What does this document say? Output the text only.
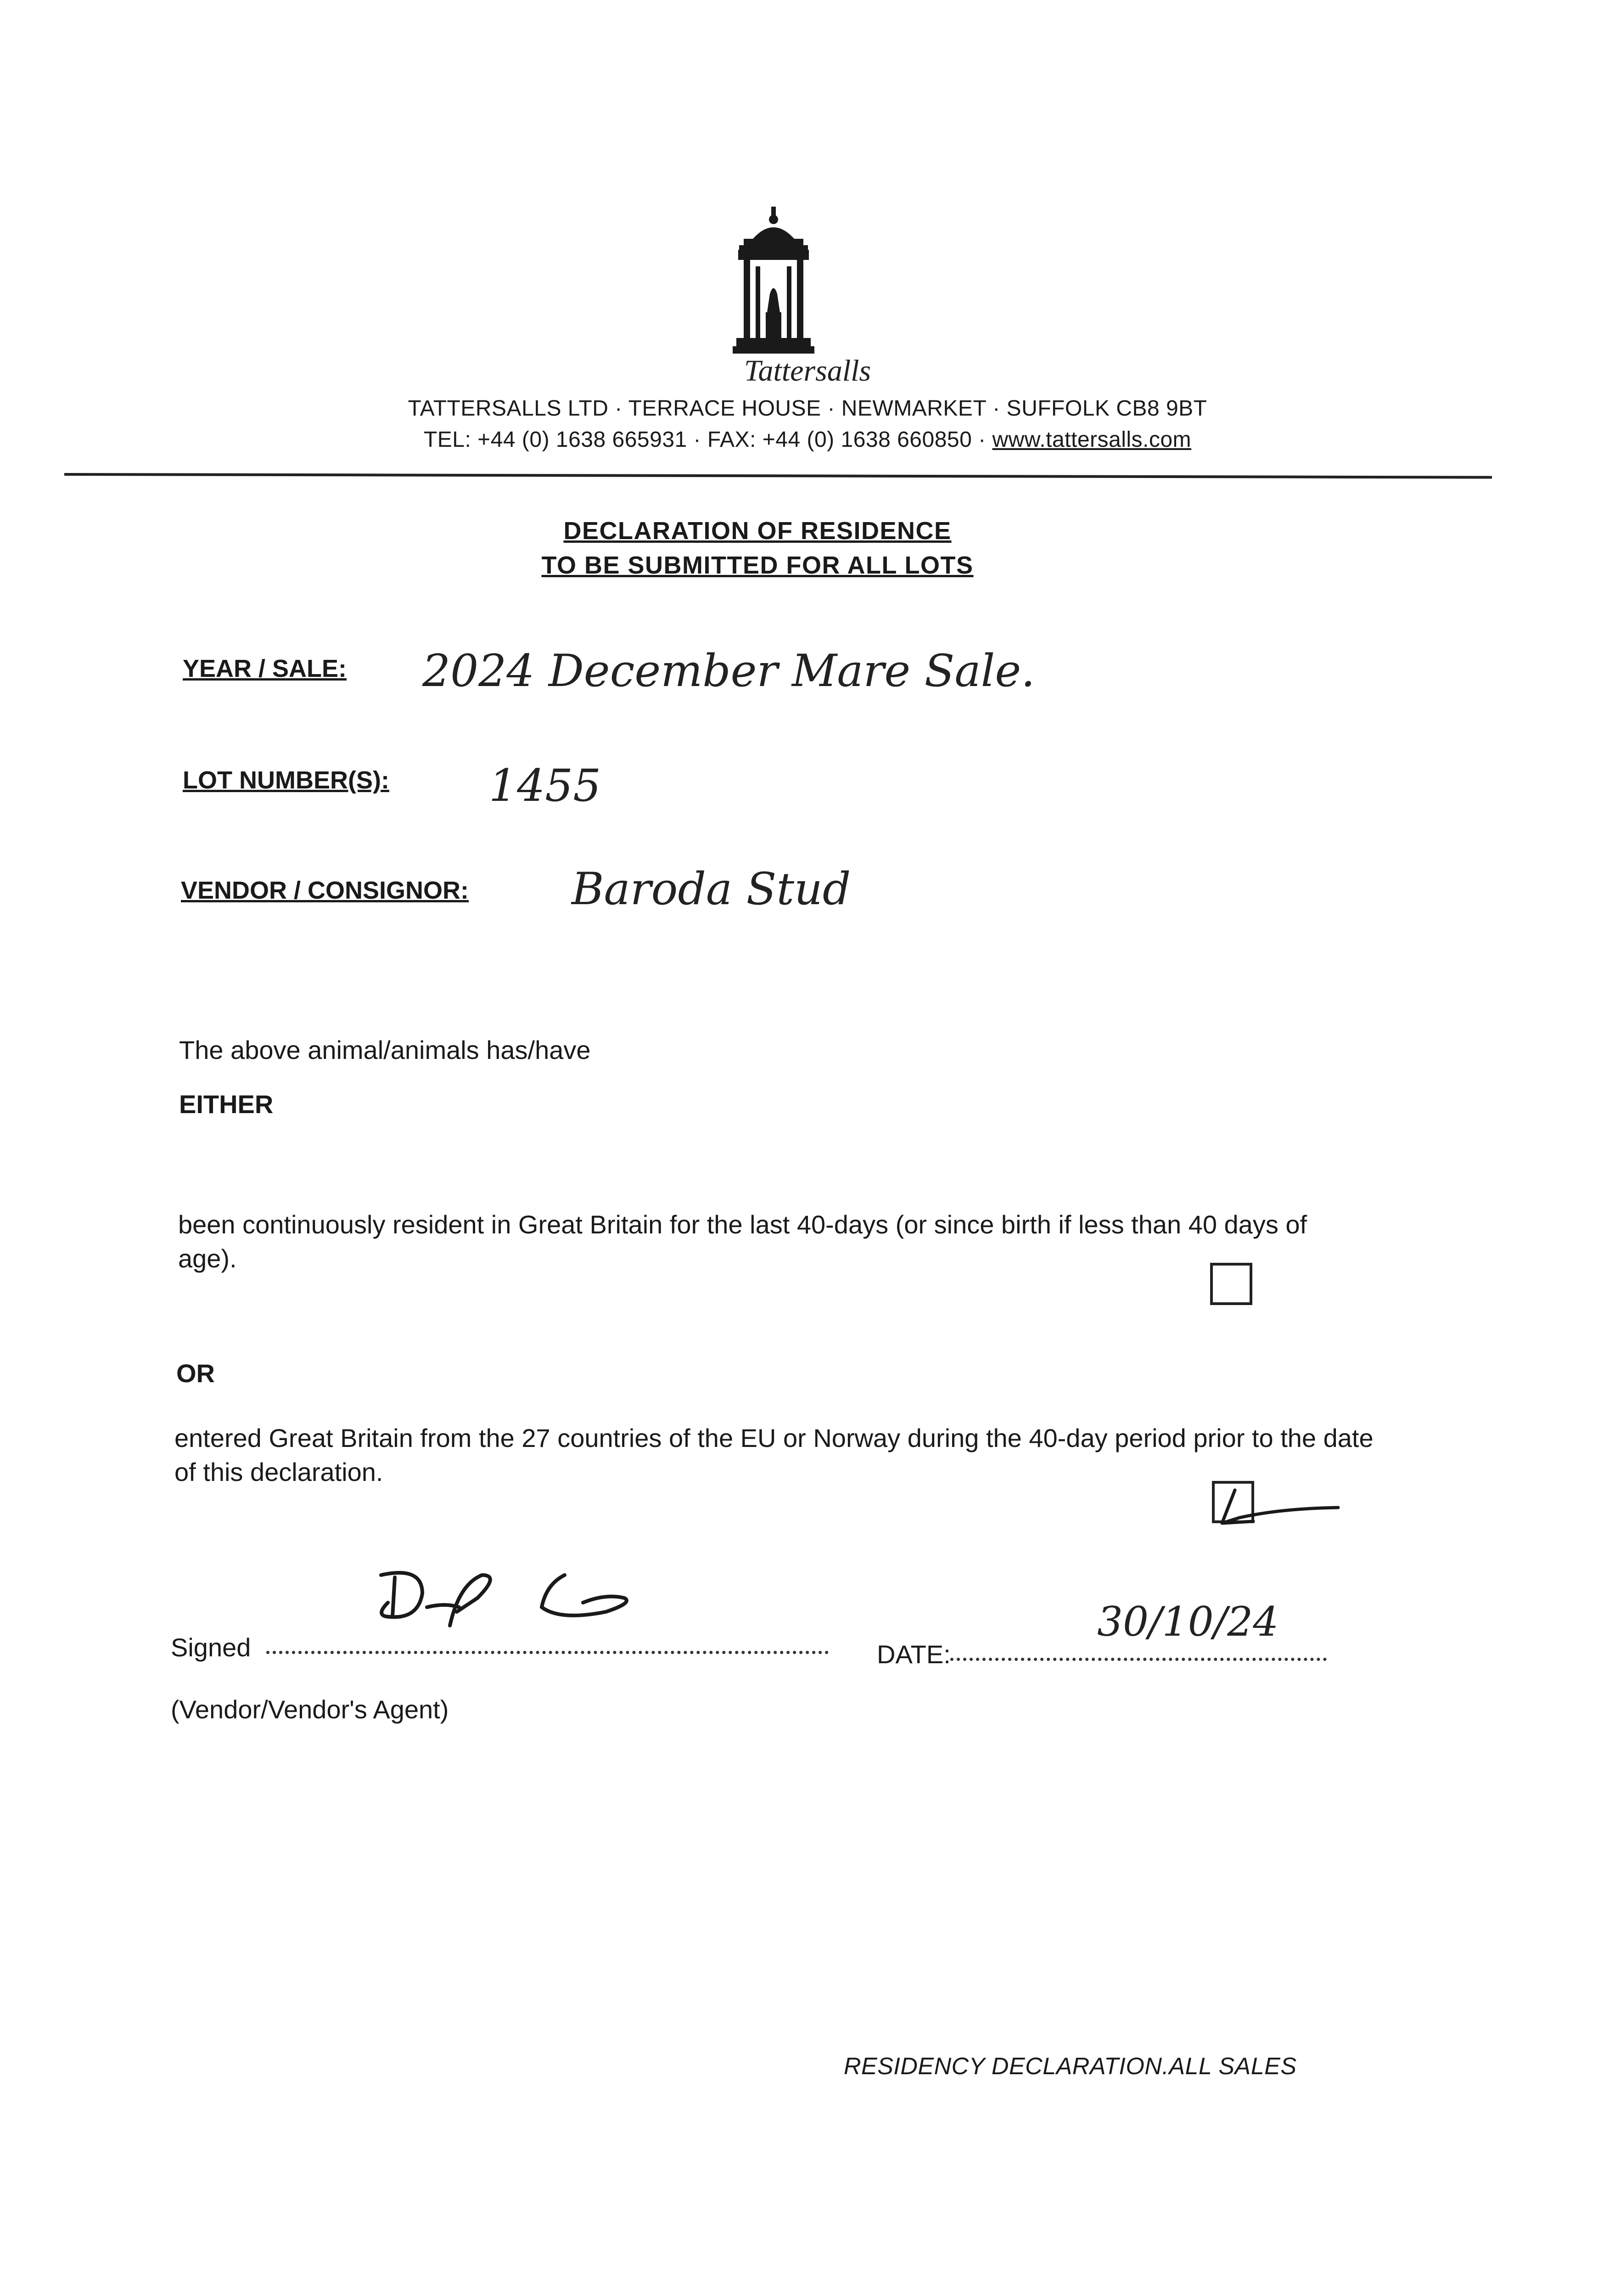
Tattersalls
TATTERSALLS LTD · TERRACE HOUSE · NEWMARKET · SUFFOLK CB8 9BT
TEL: +44 (0) 1638 665931 · FAX: +44 (0) 1638 660850 · www.tattersalls.com
DECLARATION OF RESIDENCE
TO BE SUBMITTED FOR ALL LOTS
YEAR / SALE: 2024 December Mare Sale.
LOT NUMBER(S): 1455
VENDOR / CONSIGNOR: Baroda Stud
The above animal/animals has/have
EITHER
been continuously resident in Great Britain for the last 40-days (or since birth if less than 40 days of age).
OR
entered Great Britain from the 27 countries of the EU or Norway during the 40-day period prior to the date of this declaration.
Signed	DATE:
30/10/24
(Vendor/Vendor's Agent)
RESIDENCY DECLARATION.ALL SALES
